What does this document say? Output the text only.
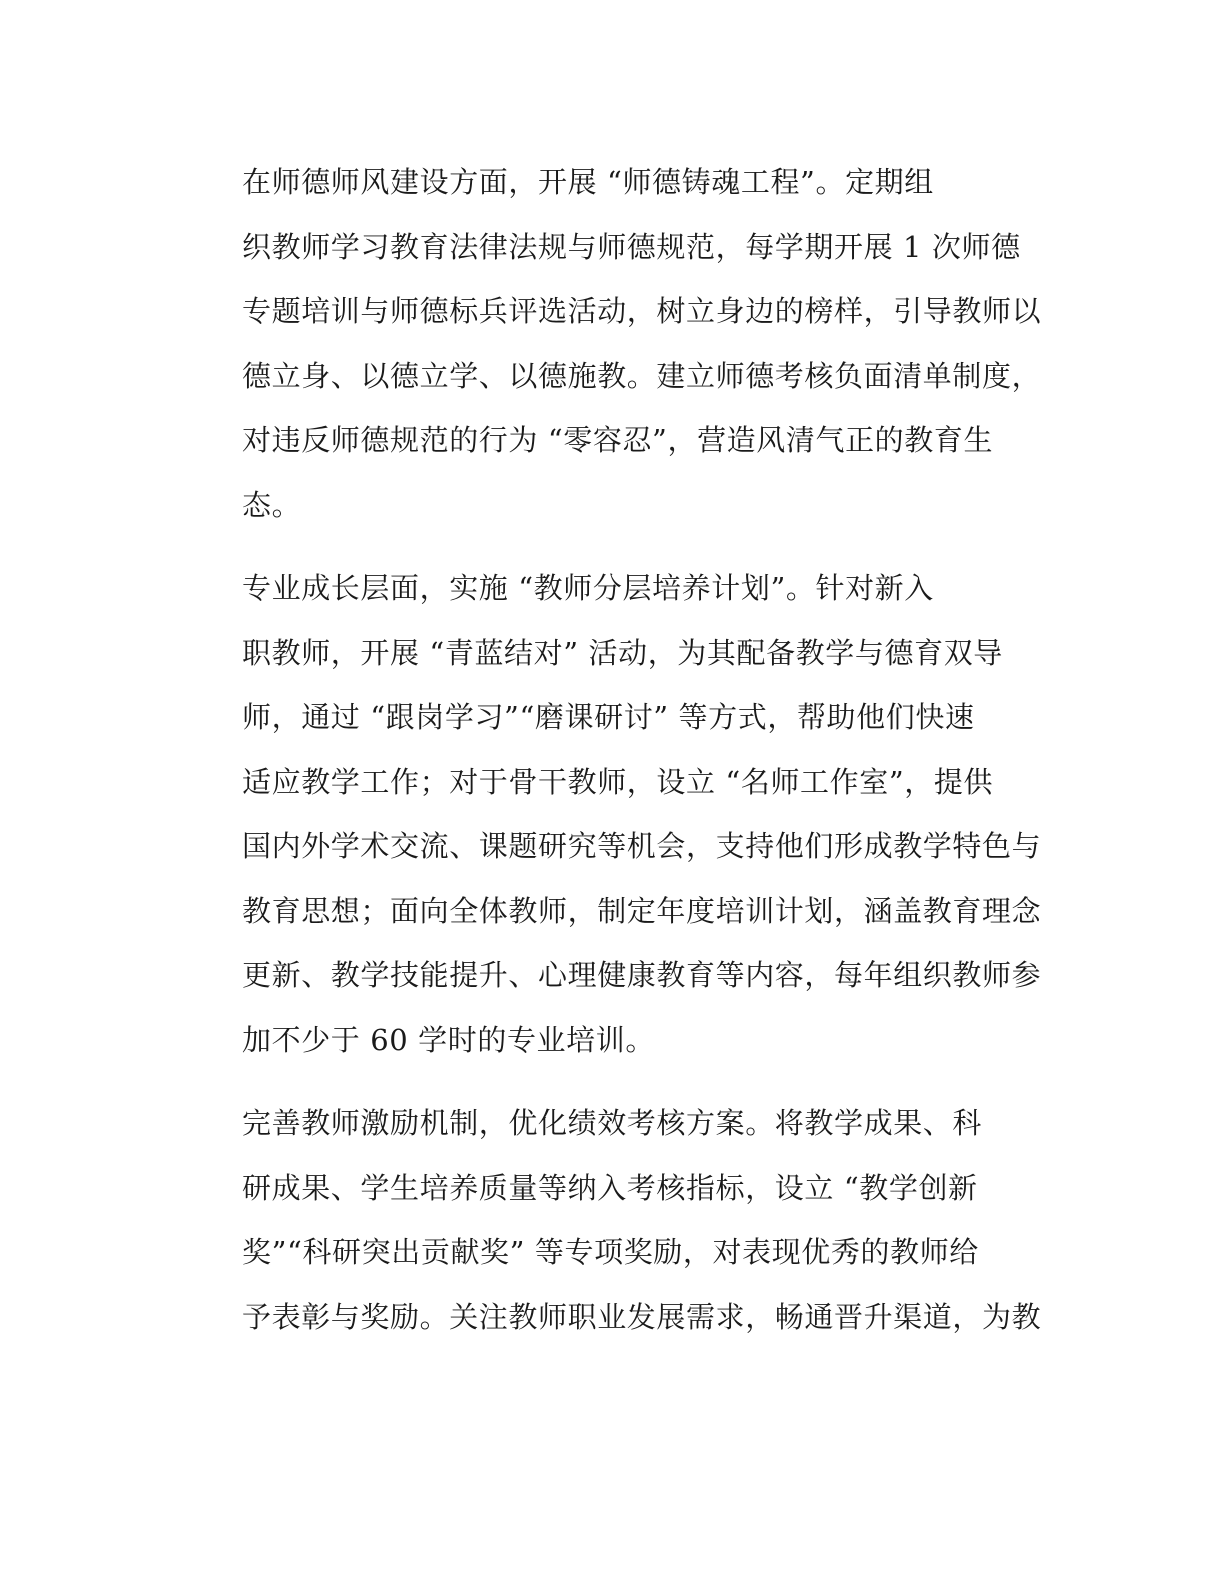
在师德师风建设方面，开展 “师德铸魂工程”。定期组
织教师学习教育法律法规与师德规范，每学期开展 1 次师德
专题培训与师德标兵评选活动，树立身边的榜样，引导教师以
德立身、以德立学、以德施教。建立师德考核负面清单制度，
对违反师德规范的行为 “零容忍”，营造风清气正的教育生
态。

专业成长层面，实施 “教师分层培养计划”。针对新入
职教师，开展 “青蓝结对” 活动，为其配备教学与德育双导
师，通过 “跟岗学习”“磨课研讨” 等方式，帮助他们快速
适应教学工作；对于骨干教师，设立 “名师工作室”，提供
国内外学术交流、课题研究等机会，支持他们形成教学特色与
教育思想；面向全体教师，制定年度培训计划，涵盖教育理念
更新、教学技能提升、心理健康教育等内容，每年组织教师参
加不少于 60 学时的专业培训。

完善教师激励机制，优化绩效考核方案。将教学成果、科
研成果、学生培养质量等纳入考核指标，设立 “教学创新
奖”“科研突出贡献奖” 等专项奖励，对表现优秀的教师给
予表彰与奖励。关注教师职业发展需求，畅通晋升渠道，为教
